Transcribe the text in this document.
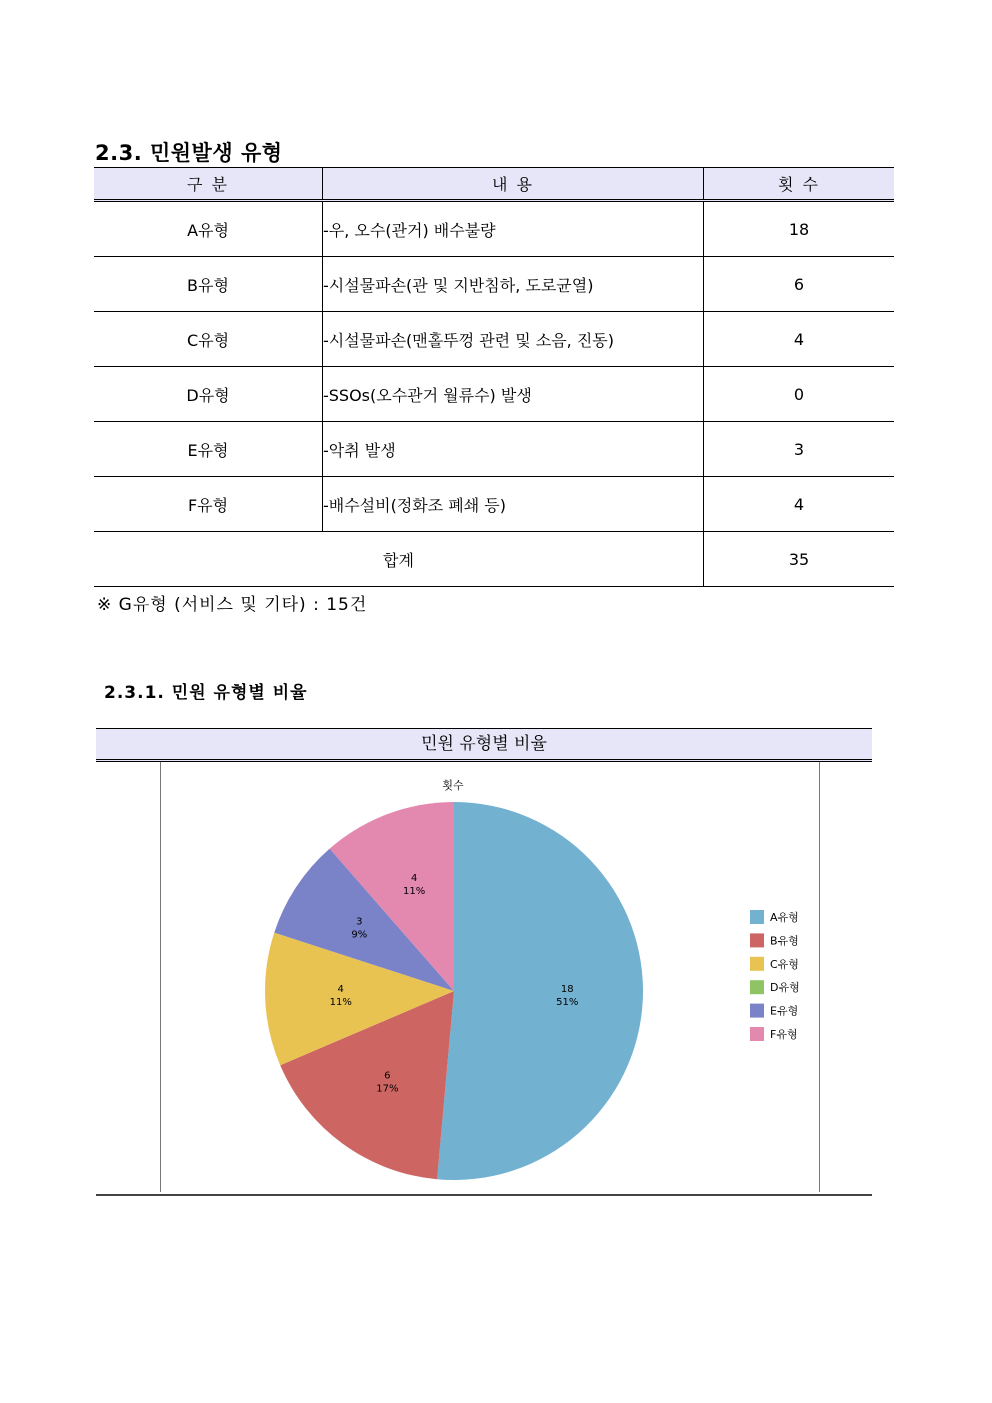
2.3. 민원발생 유형
구 분	내 용	횟 수
A유형	-우, 오수(관거) 배수불량	18
B유형	-시설물파손(관 및 지반침하, 도로균열)	6
C유형	-시설물파손(맨홀뚜껑 관련 및 소음, 진동)	4
D유형	-SSOs(오수관거 월류수) 발생	0
E유형	-악취 발생	3
F유형	-배수설비(정화조 폐쇄 등)	4
합계		35
※ G유형 (서비스 및 기타) : 15건
2.3.1. 민원 유형별 비율
민원 유형별 비율
횟수
18
51%
6
17%
4
11%
3
9%
4
11%
A유형
B유형
C유형
D유형
E유형
F유형
